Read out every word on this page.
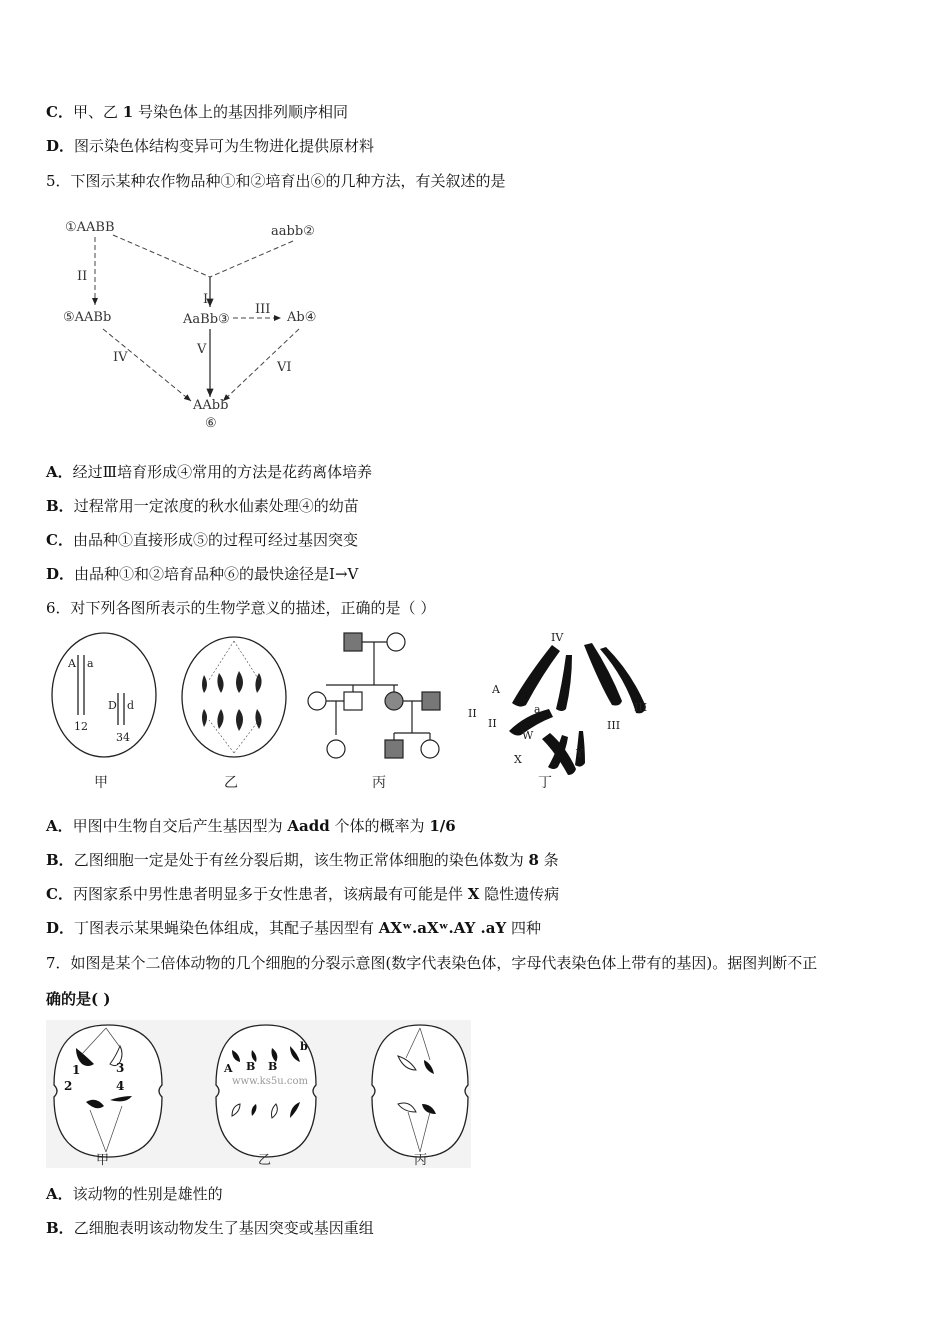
C．甲、乙 1 号染色体上的基因排列顺序相同
D．图示染色体结构变异可为生物进化提供原材料
5．下图示某种农作物品种①和②培育出⑥的几种方法，有关叙述的是
①AABB	aabb②
⑤AABb	AaBb③	Ab④
AAbb
⑥
II
I
III
IV
V
VI
A．经过Ⅲ培育形成④常用的方法是花药离体培养
B．过程常用一定浓度的秋水仙素处理④的幼苗
C．由品种①直接形成⑤的过程可经过基因突变
D．由品种①和②培育品种⑥的最快途径是Ⅰ→Ⅴ
6．对下列各图所表示的生物学意义的描述，正确的是（ ）
A a
12
D d
34
甲	乙	丙
IV
A
a
II
II
III
III
W
X	Y
丁
A．甲图中生物自交后产生基因型为 Aadd 个体的概率为 1/6
B．乙图细胞一定是处于有丝分裂后期，该生物正常体细胞的染色体数为 8 条
C．丙图家系中男性患者明显多于女性患者，该病最有可能是伴 X 隐性遗传病
D．丁图表示某果蝇染色体组成，其配子基因型有 AXʷ.aXʷ.AY .aY 四种
7．如图是某个二倍体动物的几个细胞的分裂示意图(数字代表染色体，字母代表染色体上带有的基因)。据图判断不正
确的是( )
1	3
2	4
甲
A B B
b
www.ks5u.com
乙	丙
A．该动物的性别是雄性的
B．乙细胞表明该动物发生了基因突变或基因重组
